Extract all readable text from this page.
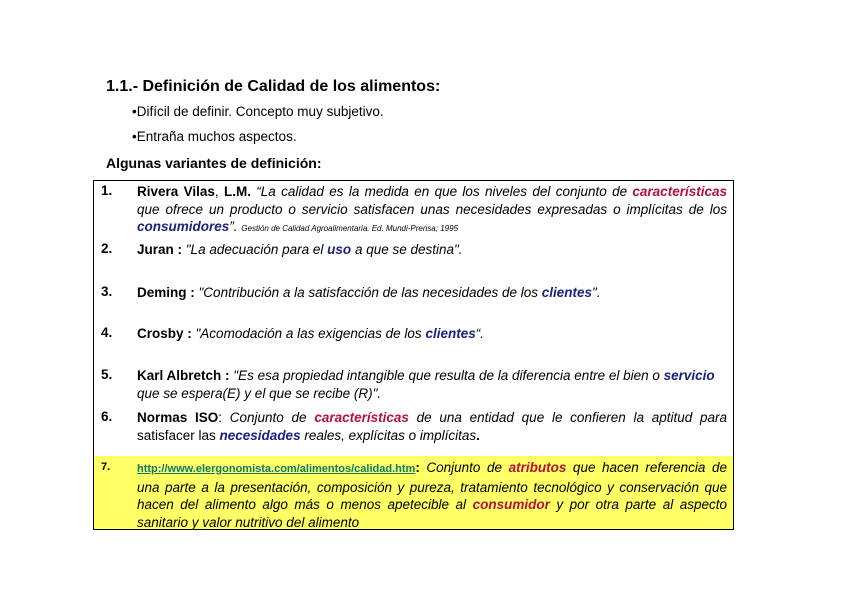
1.1.- Definición de Calidad de los alimentos:
•Difícil de definir. Concepto muy subjetivo.
•Entraña muchos aspectos.
Algunas variantes de definición:
1. Rivera Vilas, L.M. “La calidad es la medida en que los niveles del conjunto de características que ofrece un producto o servicio satisfacen unas necesidades expresadas o implícitas de los consumidores”. Gestión de Calidad Agroalimentaria. Ed. Mundi-Prensa; 1995
2. Juran : "La adecuación para el uso a que se destina".
3. Deming : "Contribución a la satisfacción de las necesidades de los clientes".
4. Crosby : "Acomodación a las exigencias de los clientes“.
5. Karl Albretch : "Es esa propiedad intangible que resulta de la diferencia entre el bien o servicio que se espera(E) y el que se recibe (R)".
6. Normas ISO: Conjunto de características de una entidad que le confieren la aptitud para satisfacer las necesidades reales, explícitas o implícitas.
7. http://www.elergonomista.com/alimentos/calidad.htm: Conjunto de atributos que hacen referencia de una parte a la presentación, composición y pureza, tratamiento tecnológico y conservación que hacen del alimento algo más o menos apetecible al consumidor y por otra parte al aspecto sanitario y valor nutritivo del alimento
